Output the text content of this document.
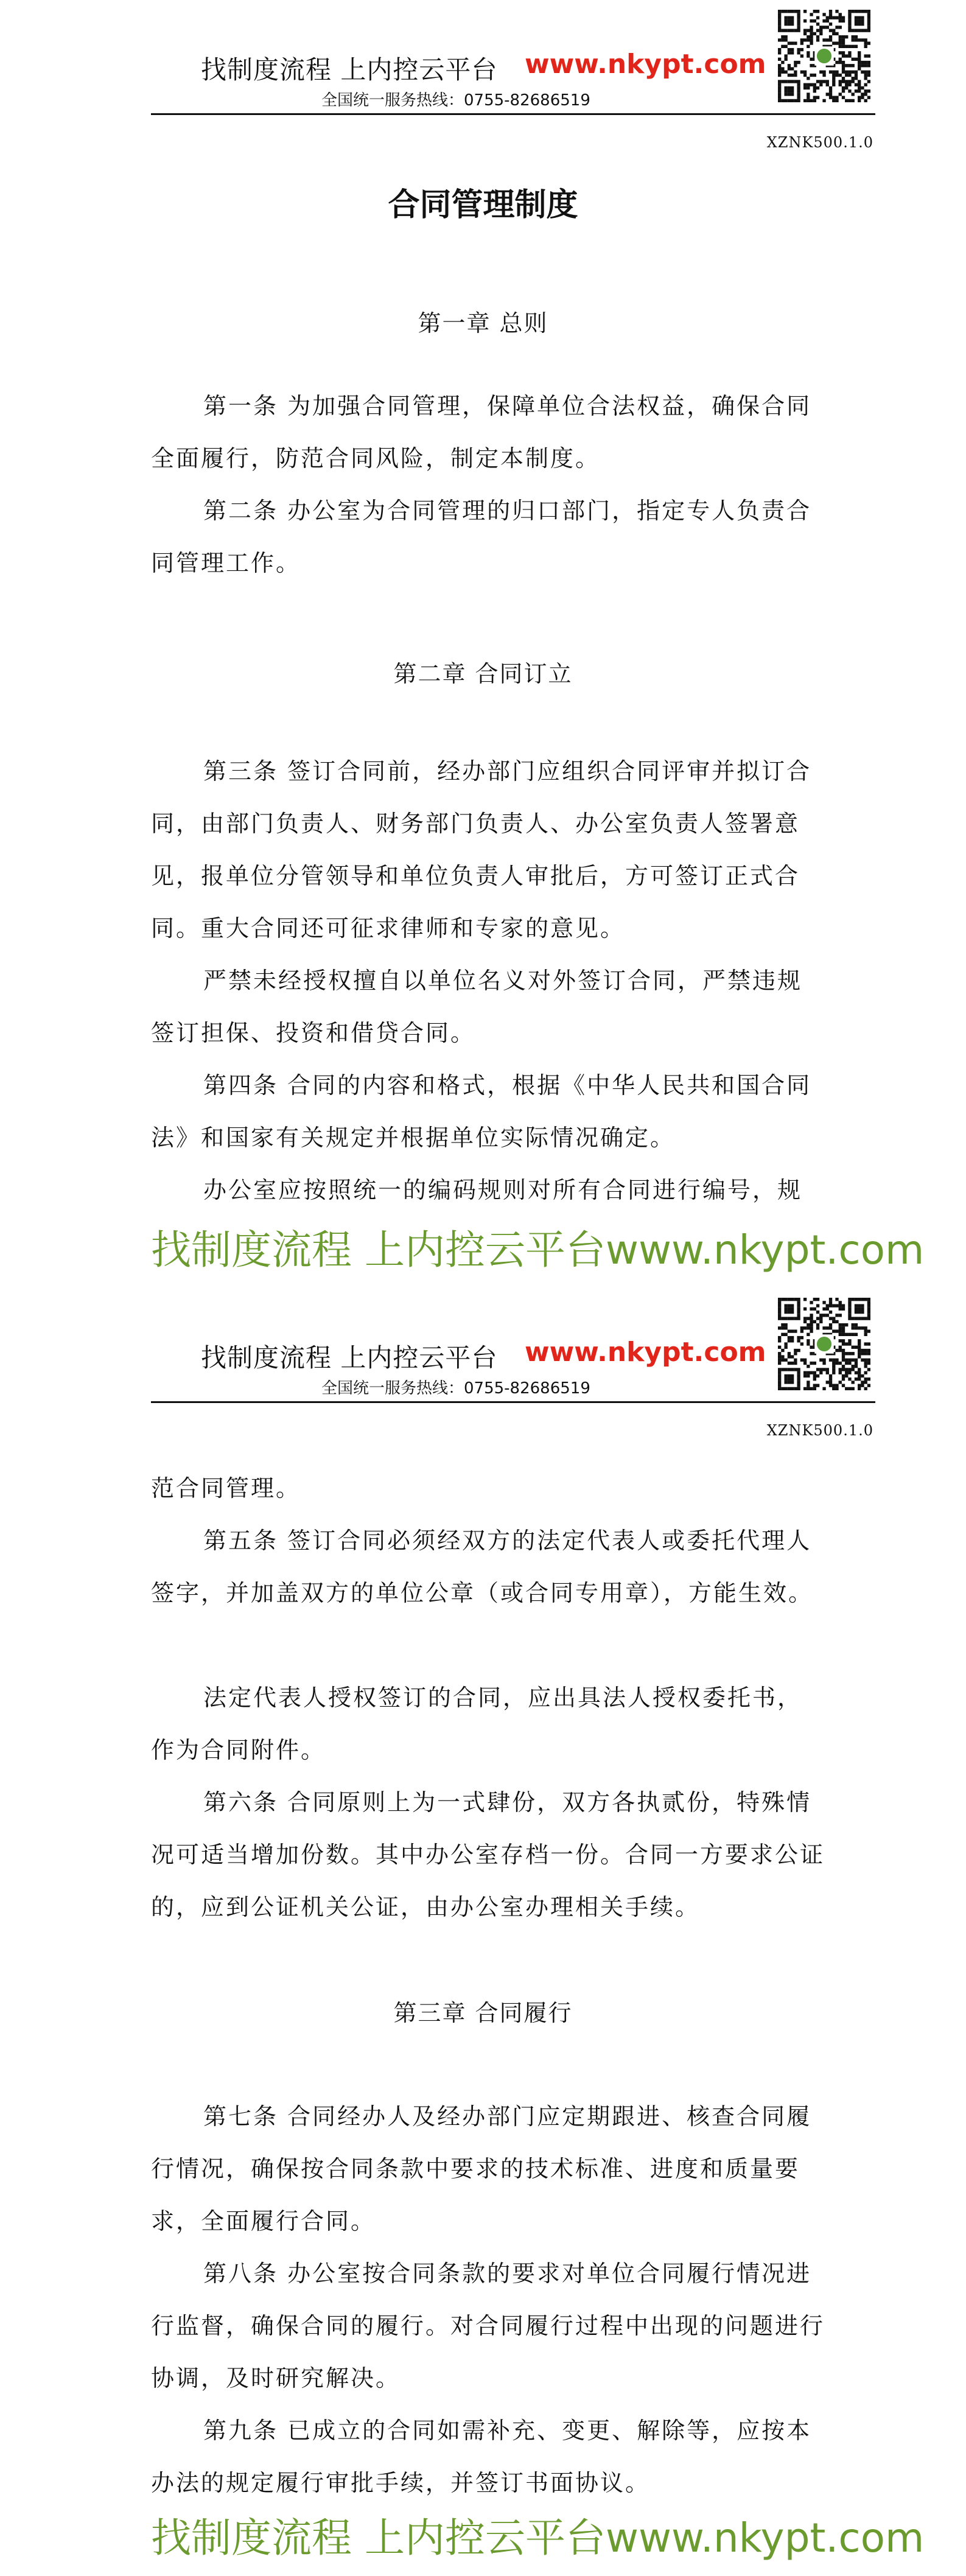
找制度流程 上内控云平台 www.nkypt.com
全国统一服务热线：0755-82686519
XZNK500.1.0
合同管理制度
第一章 总则

第一条 为加强合同管理，保障单位合法权益，确保合同全面履行，防范合同风险，制定本制度。

第二条 办公室为合同管理的归口部门，指定专人负责合同管理工作。

第二章 合同订立

第三条 签订合同前，经办部门应组织合同评审并拟订合同，由部门负责人、财务部门负责人、办公室负责人签署意见，报单位分管领导和单位负责人审批后，方可签订正式合同。重大合同还可征求律师和专家的意见。

严禁未经授权擅自以单位名义对外签订合同，严禁违规签订担保、投资和借贷合同。

第四条 合同的内容和格式，根据《中华人民共和国合同法》和国家有关规定并根据单位实际情况确定。

办公室应按照统一的编码规则对所有合同进行编号，规

找制度流程 上内控云平台www.nkypt.com
找制度流程 上内控云平台 www.nkypt.com
全国统一服务热线：0755-82686519
XZNK500.1.0

范合同管理。

第五条 签订合同必须经双方的法定代表人或委托代理人签字，并加盖双方的单位公章（或合同专用章），方能生效。

法定代表人授权签订的合同，应出具法人授权委托书，作为合同附件。

第六条 合同原则上为一式肆份，双方各执贰份，特殊情况可适当增加份数。其中办公室存档一份。合同一方要求公证的，应到公证机关公证，由办公室办理相关手续。

第三章 合同履行

第七条 合同经办人及经办部门应定期跟进、核查合同履行情况，确保按合同条款中要求的技术标准、进度和质量要求，全面履行合同。

第八条 办公室按合同条款的要求对单位合同履行情况进行监督，确保合同的履行。对合同履行过程中出现的问题进行协调，及时研究解决。

第九条 已成立的合同如需补充、变更、解除等，应按本办法的规定履行审批手续，并签订书面协议。

找制度流程 上内控云平台www.nkypt.com
